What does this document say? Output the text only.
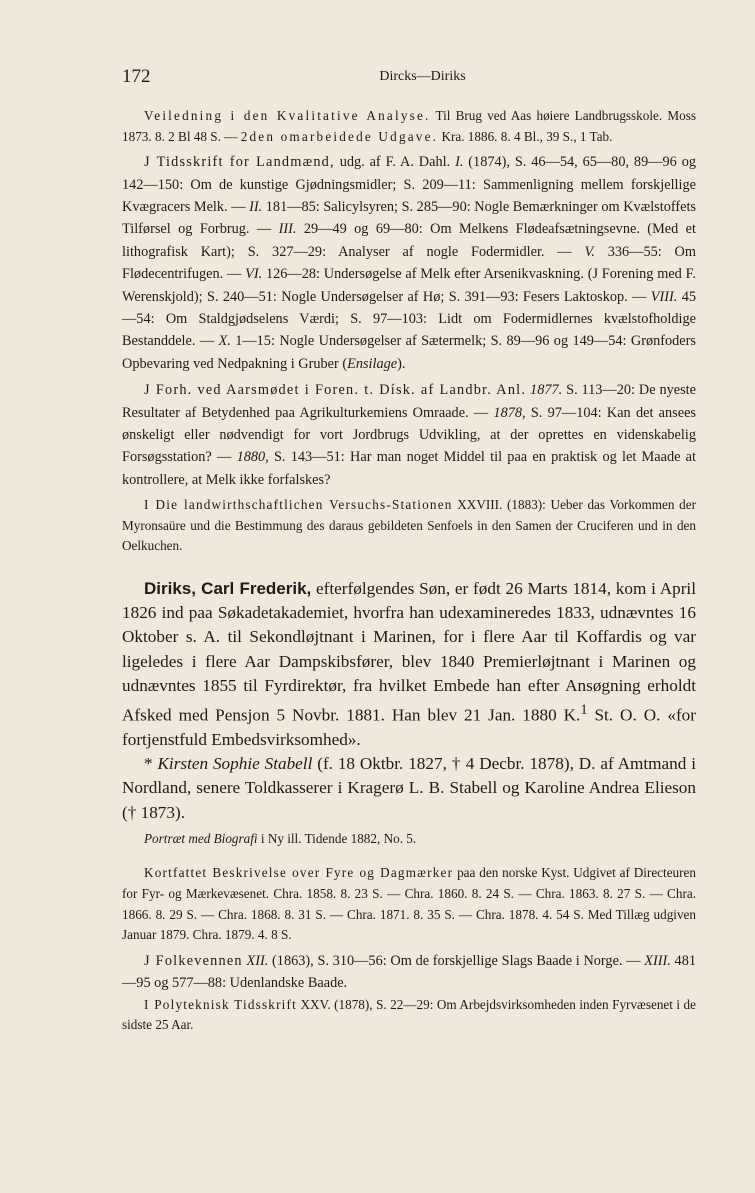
172	Dircks—Diriks

Veiledning i den Kvalitative Analyse. Til Brug ved Aas høiere Landbrugsskole. Moss 1873. 8. 2 Bl 48 S. — 2den omarbeidede Udgave. Kra. 1886. 8. 4 Bl., 39 S., 1 Tab.

J Tidsskrift for Landmænd, udg. af F. A. Dahl. I. (1874), S. 46—54, 65—80, 89—96 og 142—150: Om de kunstige Gjødningsmidler; S. 209—11: Sammenligning mellem forskjellige Kvægracers Melk. — II. 181—85: Salicylsyren; S. 285—90: Nogle Bemærkninger om Kvælstoffets Tilførsel og Forbrug. — III. 29—49 og 69—80: Om Melkens Flødeafsætningsevne. (Med et lithografisk Kart); S. 327—29: Analyser af nogle Fodermidler. — V. 336—55: Om Flødecentrifugen. — VI. 126—28: Undersøgelse af Melk efter Arsenikvaskning. (J Forening med F. Werenskjold); S. 240—51: Nogle Undersøgelser af Hø; S. 391—93: Fesers Laktoskop. — VIII. 45—54: Om Staldgjødselens Værdi; S. 97—103: Lidt om Fodermidlernes kvælstofholdige Bestanddele. — X. 1—15: Nogle Undersøgelser af Sætermelk; S. 89—96 og 149—54: Grønfoders Opbevaring ved Nedpakning i Gruber (Ensilage).

J Forh. ved Aarsmødet i Foren. t. Dísk. af Landbr. Anl. 1877. S. 113—20: De nyeste Resultater af Betydenhed paa Agrikulturkemiens Omraade. — 1878, S. 97—104: Kan det ansees ønskeligt eller nødvendigt for vort Jordbrugs Udvikling, at der oprettes en videnskabelig Forsøgsstation? — 1880, S. 143—51: Har man noget Middel til paa en praktisk og let Maade at kontrollere, at Melk ikke forfalskes?

I Die landwirthschaftlichen Versuchs-Stationen XXVIII. (1883): Ueber das Vorkommen der Myronsaüre und die Bestimmung des daraus gebildeten Senfoels in den Samen der Cruciferen und in den Oelkuchen.

Diriks, Carl Frederik, efterfølgendes Søn, er født 26 Marts 1814, kom i April 1826 ind paa Søkadetakademiet, hvorfra han udexamineredes 1833, udnævntes 16 Oktober s. A. til Sekondløjtnant i Marinen, for i flere Aar til Koffardis og var ligeledes i flere Aar Dampskibsfører, blev 1840 Premierløjtnant i Marinen og udnævntes 1855 til Fyrdirektør, fra hvilket Embede han efter Ansøgning erholdt Afsked med Pensjon 5 Novbr. 1881. Han blev 21 Jan. 1880 K.$^1$ St. O. O. «for fortjenstfuld Embedsvirksomhed».

* Kirsten Sophie Stabell (f. 18 Oktbr. 1827, † 4 Decbr. 1878), D. af Amtmand i Nordland, senere Toldkasserer i Kragerø L. B. Stabell og Karoline Andrea Elieson († 1873).

Portræt med Biografi i Ny ill. Tidende 1882, No. 5.

Kortfattet Beskrivelse over Fyre og Dagmærker paa den norske Kyst. Udgivet af Directeuren for Fyr- og Mærkevæsenet. Chra. 1858. 8. 23 S. — Chra. 1860. 8. 24 S. — Chra. 1863. 8. 27 S. — Chra. 1866. 8. 29 S. — Chra. 1868. 8. 31 S. — Chra. 1871. 8. 35 S. — Chra. 1878. 4. 54 S. Med Tillæg udgiven Januar 1879. Chra. 1879. 4. 8 S.

J Folkevennen XII. (1863), S. 310—56: Om de forskjellige Slags Baade i Norge. — XIII. 481—95 og 577—88: Udenlandske Baade.

I Polyteknisk Tidsskrift XXV. (1878), S. 22—29: Om Arbejdsvirksomheden inden Fyrvæsenet i de sidste 25 Aar.
